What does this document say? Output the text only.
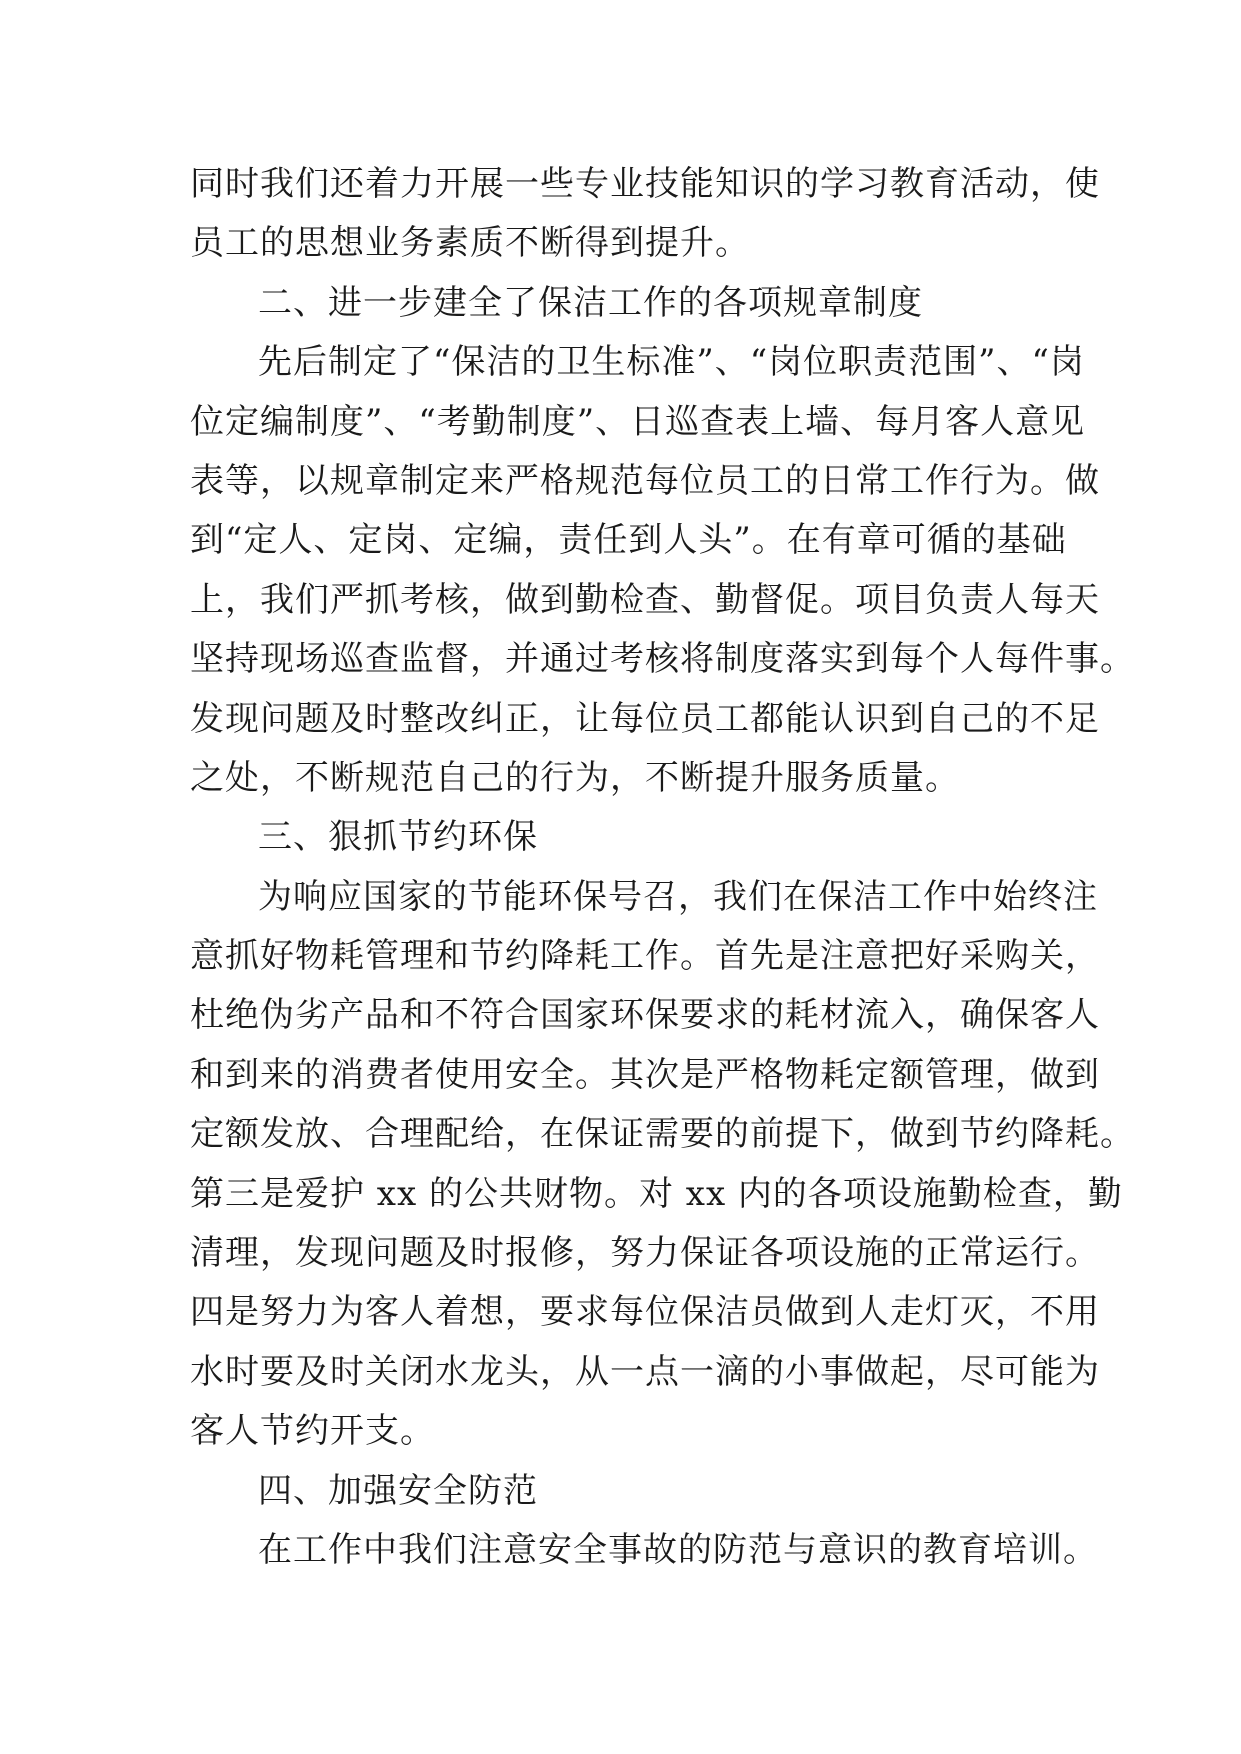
同时我们还着力开展一些专业技能知识的学习教育活动，使
员工的思想业务素质不断得到提升。
二、进一步建全了保洁工作的各项规章制度
先后制定了“保洁的卫生标准”、“岗位职责范围”、“岗
位定编制度”、“考勤制度”、日巡查表上墙、每月客人意见
表等，以规章制定来严格规范每位员工的日常工作行为。做
到“定人、定岗、定编，责任到人头”。在有章可循的基础
上，我们严抓考核，做到勤检查、勤督促。项目负责人每天
坚持现场巡查监督，并通过考核将制度落实到每个人每件事。
发现问题及时整改纠正，让每位员工都能认识到自己的不足
之处，不断规范自己的行为，不断提升服务质量。
三、狠抓节约环保
为响应国家的节能环保号召，我们在保洁工作中始终注
意抓好物耗管理和节约降耗工作。首先是注意把好采购关，
杜绝伪劣产品和不符合国家环保要求的耗材流入，确保客人
和到来的消费者使用安全。其次是严格物耗定额管理，做到
定额发放、合理配给，在保证需要的前提下，做到节约降耗。
第三是爱护 xx 的公共财物。对 xx 内的各项设施勤检查，勤
清理，发现问题及时报修，努力保证各项设施的正常运行。
四是努力为客人着想，要求每位保洁员做到人走灯灭，不用
水时要及时关闭水龙头，从一点一滴的小事做起，尽可能为
客人节约开支。
四、加强安全防范
在工作中我们注意安全事故的防范与意识的教育培训。
